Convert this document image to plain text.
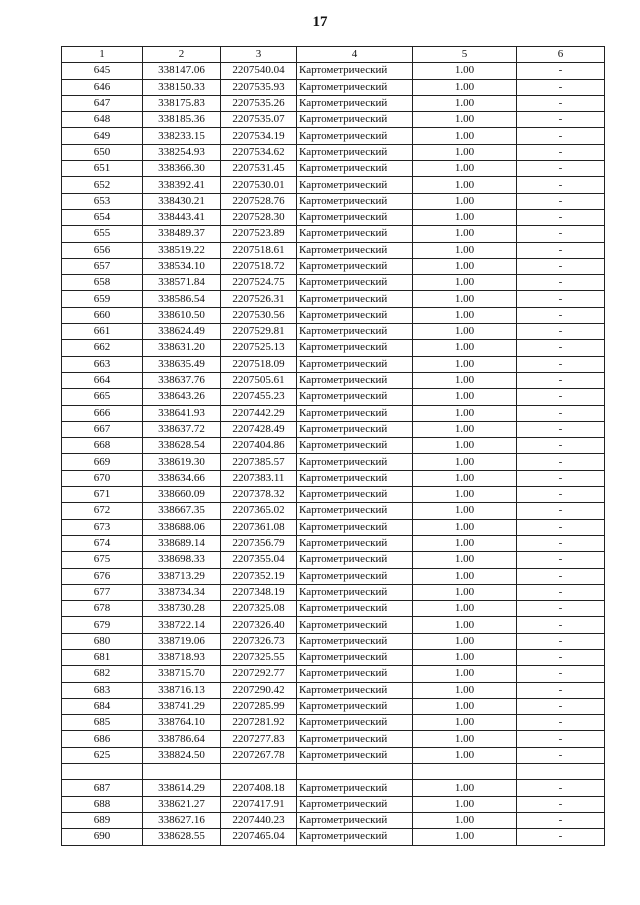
17
1	2	3	4	5	6
645	338147.06	2207540.04	Картометрический	1.00	-
646	338150.33	2207535.93	Картометрический	1.00	-
647	338175.83	2207535.26	Картометрический	1.00	-
648	338185.36	2207535.07	Картометрический	1.00	-
649	338233.15	2207534.19	Картометрический	1.00	-
650	338254.93	2207534.62	Картометрический	1.00	-
651	338366.30	2207531.45	Картометрический	1.00	-
652	338392.41	2207530.01	Картометрический	1.00	-
653	338430.21	2207528.76	Картометрический	1.00	-
654	338443.41	2207528.30	Картометрический	1.00	-
655	338489.37	2207523.89	Картометрический	1.00	-
656	338519.22	2207518.61	Картометрический	1.00	-
657	338534.10	2207518.72	Картометрический	1.00	-
658	338571.84	2207524.75	Картометрический	1.00	-
659	338586.54	2207526.31	Картометрический	1.00	-
660	338610.50	2207530.56	Картометрический	1.00	-
661	338624.49	2207529.81	Картометрический	1.00	-
662	338631.20	2207525.13	Картометрический	1.00	-
663	338635.49	2207518.09	Картометрический	1.00	-
664	338637.76	2207505.61	Картометрический	1.00	-
665	338643.26	2207455.23	Картометрический	1.00	-
666	338641.93	2207442.29	Картометрический	1.00	-
667	338637.72	2207428.49	Картометрический	1.00	-
668	338628.54	2207404.86	Картометрический	1.00	-
669	338619.30	2207385.57	Картометрический	1.00	-
670	338634.66	2207383.11	Картометрический	1.00	-
671	338660.09	2207378.32	Картометрический	1.00	-
672	338667.35	2207365.02	Картометрический	1.00	-
673	338688.06	2207361.08	Картометрический	1.00	-
674	338689.14	2207356.79	Картометрический	1.00	-
675	338698.33	2207355.04	Картометрический	1.00	-
676	338713.29	2207352.19	Картометрический	1.00	-
677	338734.34	2207348.19	Картометрический	1.00	-
678	338730.28	2207325.08	Картометрический	1.00	-
679	338722.14	2207326.40	Картометрический	1.00	-
680	338719.06	2207326.73	Картометрический	1.00	-
681	338718.93	2207325.55	Картометрический	1.00	-
682	338715.70	2207292.77	Картометрический	1.00	-
683	338716.13	2207290.42	Картометрический	1.00	-
684	338741.29	2207285.99	Картометрический	1.00	-
685	338764.10	2207281.92	Картометрический	1.00	-
686	338786.64	2207277.83	Картометрический	1.00	-
625	338824.50	2207267.78	Картометрический	1.00	-

687	338614.29	2207408.18	Картометрический	1.00	-
688	338621.27	2207417.91	Картометрический	1.00	-
689	338627.16	2207440.23	Картометрический	1.00	-
690	338628.55	2207465.04	Картометрический	1.00	-
